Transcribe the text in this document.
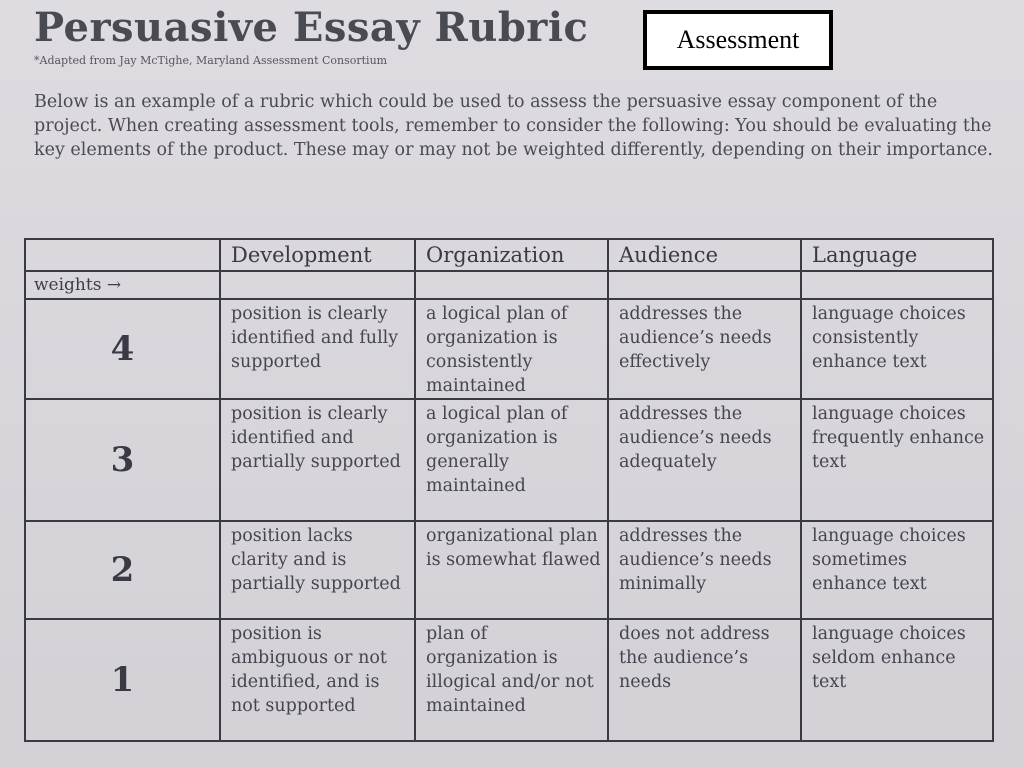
Persuasive Essay Rubric
*Adapted from Jay McTighe, Maryland Assessment Consortium
Assessment
Below is an example of a rubric which could be used to assess the persuasive essay component of the project. When creating assessment tools, remember to consider the following: You should be evaluating the key elements of the product. These may or may not be weighted differently, depending on their importance.
	Development	Organization	Audience	Language
weights →				
4	position is clearly identified and fully supported	a logical plan of organization is consistently maintained	addresses the audience’s needs effectively	language choices consistently enhance text
3	position is clearly identified and partially supported	a logical plan of organization is generally maintained	addresses the audience’s needs adequately	language choices frequently enhance text
2	position lacks clarity and is partially supported	organizational plan is somewhat flawed	addresses the audience’s needs minimally	language choices sometimes enhance text
1	position is ambiguous or not identified, and is not supported	plan of organization is illogical and/or not maintained	does not address the audience’s needs	language choices seldom enhance text
